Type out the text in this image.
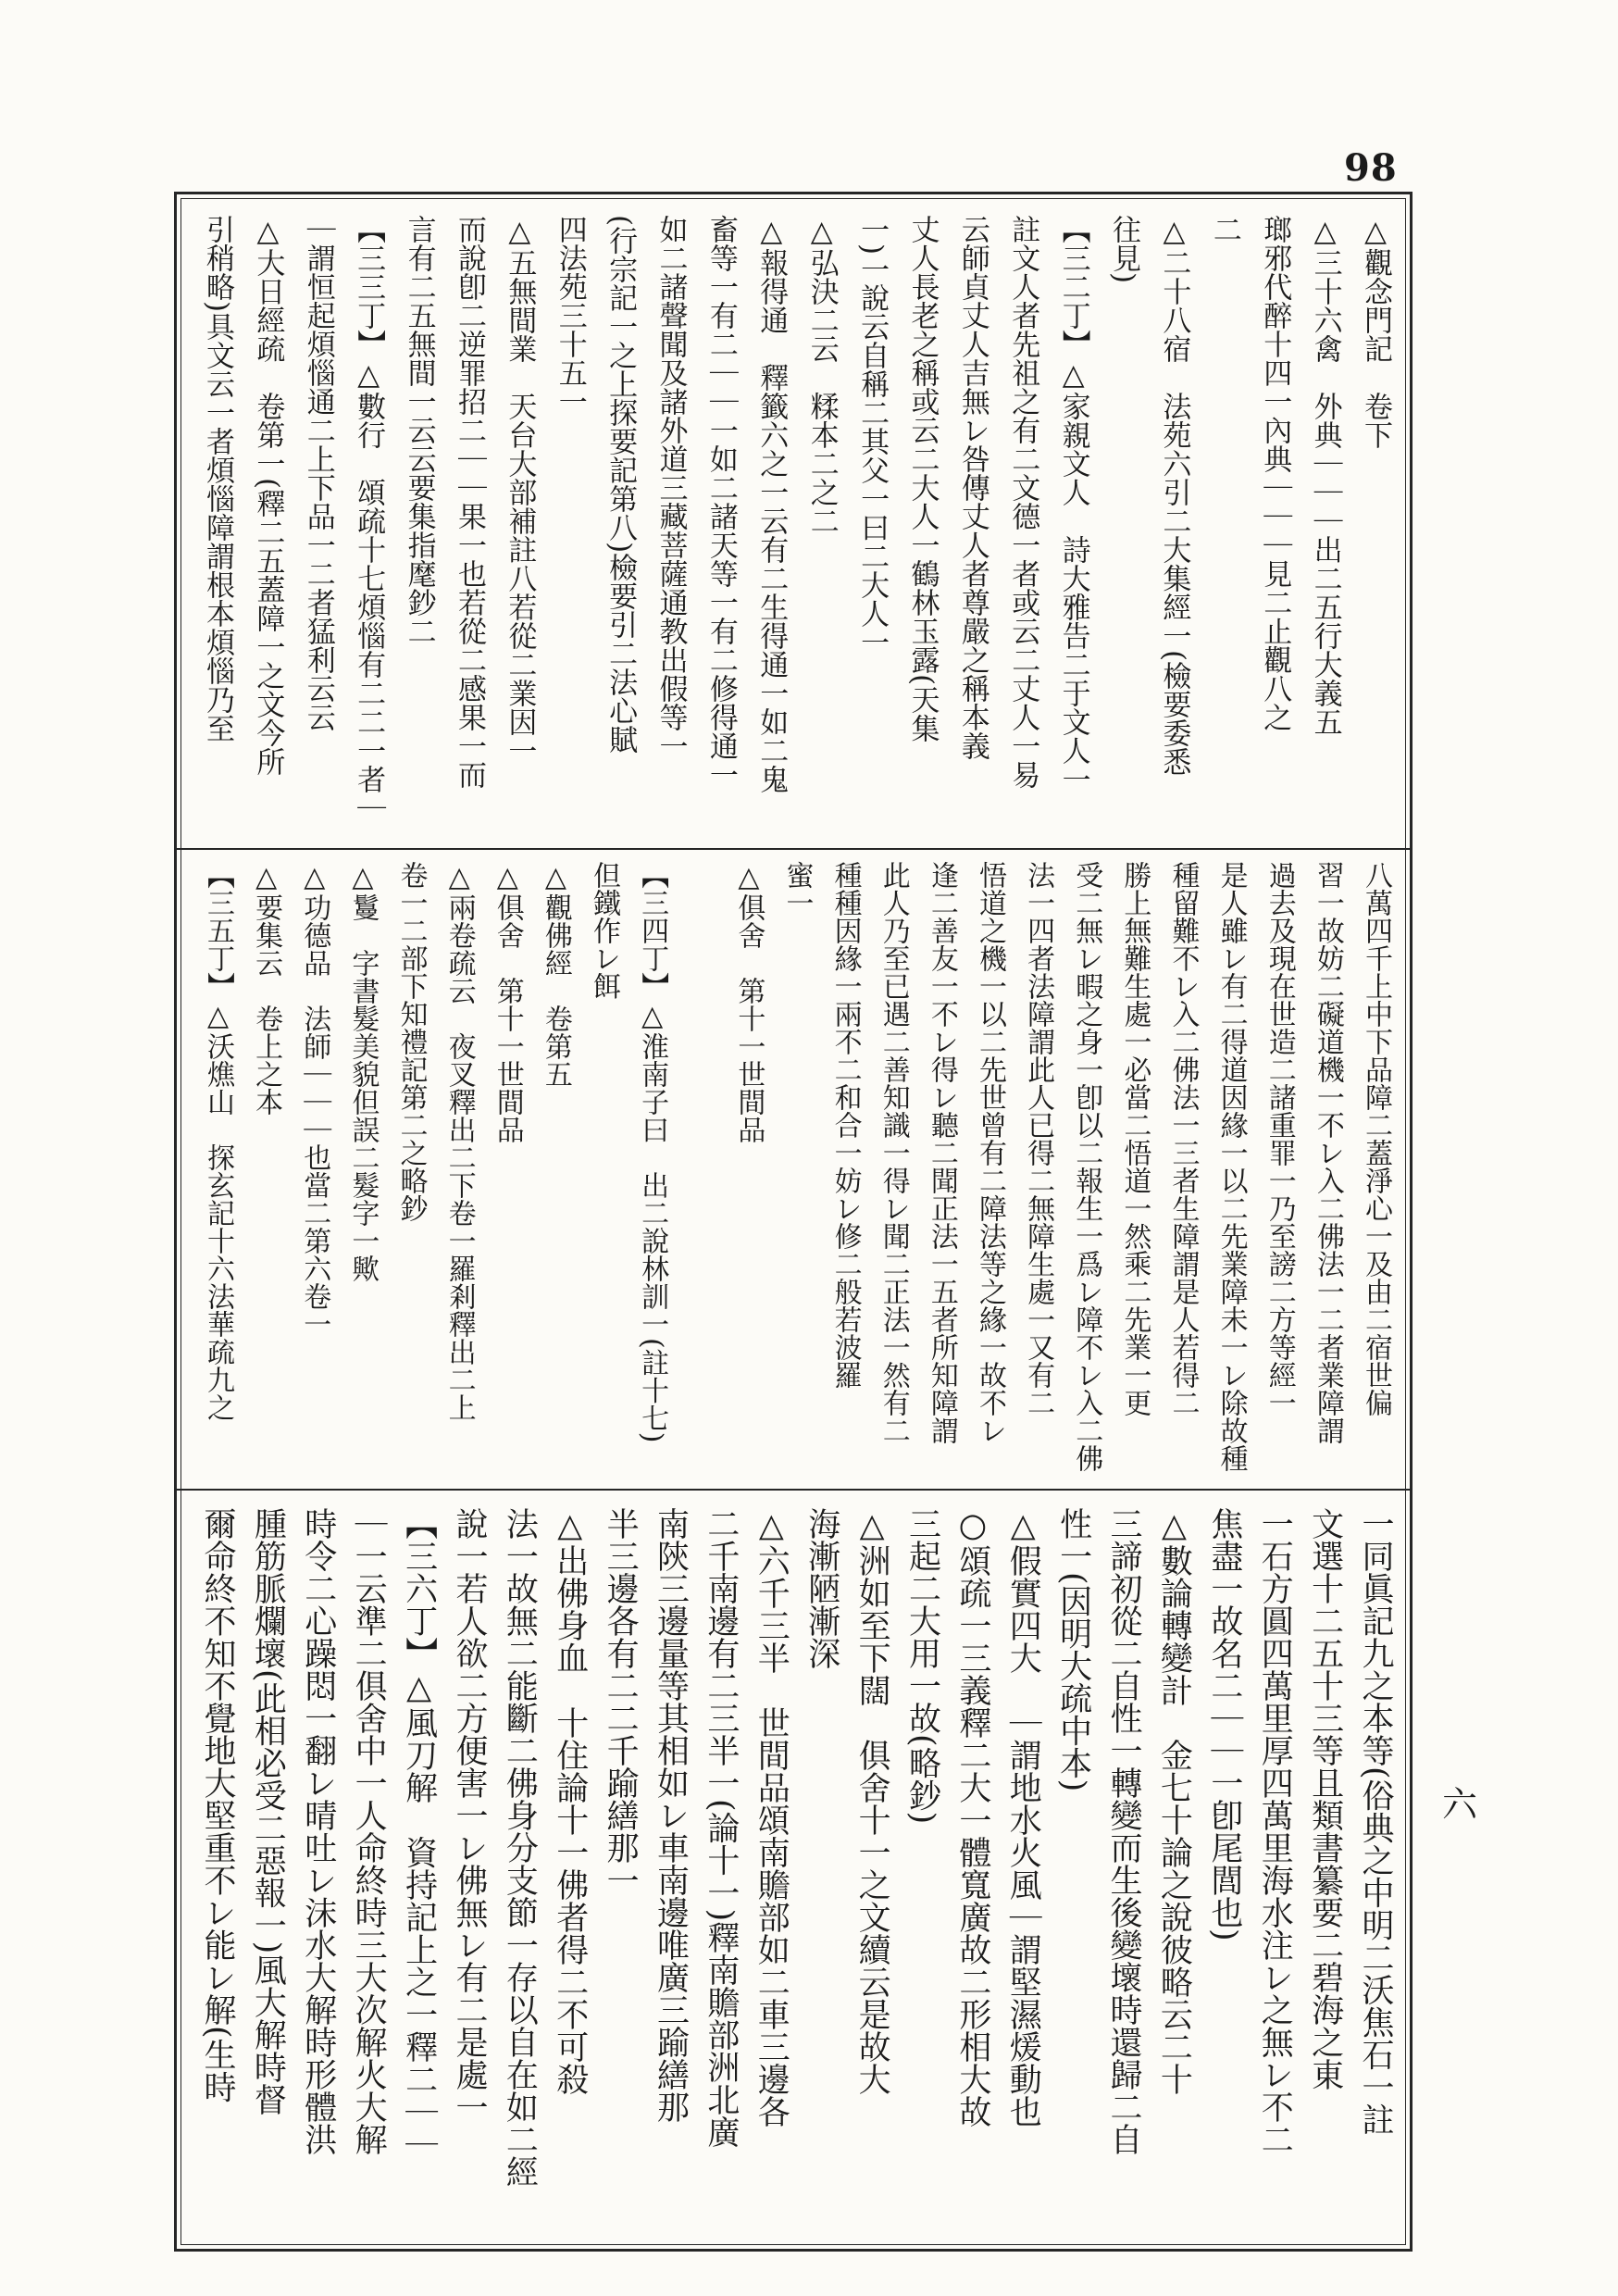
98
六
△觀念門記　卷下
△三十六禽　外典｜｜｜出二五行大義五
瑯邪代醉十四一內典｜｜｜見二止觀八之
二
△二十八宿　法苑六引二大集經一(檢要委悉
往見)
【三二丁】△家親文人　詩大雅告二于文人一
註文人者先祖之有二文德一者或云二丈人一易
云師貞丈人吉無レ咎傳丈人者尊嚴之稱本義
丈人長老之稱或云二大人一鶴林玉露(天集
一)一說云自稱二其父一曰二大人一
△弘決二云　糅本二之二
△報得通　釋籤六之一云有二生得通一如二鬼
畜等一有二｜｜一如二諸天等一有二修得通一
如二諸聲聞及諸外道三藏菩薩通教出假等一
(行宗記一之上探要記第八)檢要引二法心賦
四法苑三十五一
△五無間業　天台大部補註八若從二業因一
而說卽二逆罪招二｜｜果一也若從二感果一而
言有二五無間一云云要集指麾鈔二
【三三丁】△數行　頌疏十七煩惱有二二一者｜
｜謂恒起煩惱通二上下品一二者猛利云云
△大日經疏　卷第一(釋二五蓋障一之文今所
引稍略)具文云一者煩惱障謂根本煩惱乃至
八萬四千上中下品障二蓋淨心一及由二宿世偏
習一故妨二礙道機一不レ入二佛法一二者業障謂
過去及現在世造二諸重罪一乃至謗二方等經一
是人雖レ有二得道因緣一以二先業障未一レ除故種
種留難不レ入二佛法一三者生障謂是人若得二
勝上無難生處一必當二悟道一然乘二先業一更
受二無レ暇之身一卽以二報生一爲レ障不レ入二佛
法一四者法障謂此人已得二無障生處一又有二
悟道之機一以二先世曾有二障法等之緣一故不レ
逢二善友一不レ得レ聽二聞正法一五者所知障謂
此人乃至已遇二善知識一得レ聞二正法一然有二
種種因緣一兩不二和合一妨レ修二般若波羅
蜜一
△俱舍　第十一世間品
【三四丁】△淮南子曰　出二說林訓一(註十七)
但鐵作レ餌
△觀佛經　卷第五
△俱舍　第十一世間品
△兩卷疏云　夜叉釋出二下卷一羅剎釋出二上
卷一二部下知禮記第二之略鈔
△鬘　字書髮美貌但誤二髮字一歟
△功德品　法師｜｜｜也當二第六卷一
△要集云　卷上之本
【三五丁】△沃燋山　探玄記十六法華疏九之
一同眞記九之本等(俗典之中明二沃焦石一註
文選十二五十三等且類書纂要二碧海之東
一石方圓四萬里厚四萬里海水注レ之無レ不二
焦盡一故名二｜｜一卽尾閭也)
△數論轉變計　金七十論之說彼略云二十
三諦初從二自性一轉變而生後變壞時還歸二自
性一(因明大疏中本)
△假實四大　｜謂地水火風｜謂堅濕煖動也
○頌疏一三義釋二大一體寬廣故二形相大故
三起二大用一故(略鈔)
△洲如至下闊　俱舍十一之文續云是故大
海漸陋漸深
△六千三半　世間品頌南贍部如二車三邊各
二千南邊有二三半一(論十一)釋南贍部洲北廣
南陝三邊量等其相如レ車南邊唯廣三踰繕那
半三邊各有二二千踰繕那一
△出佛身血　十住論十一佛者得二不可殺
法一故無二能斷二佛身分支節一存以自在如二經
說一若人欲二方便害一レ佛無レ有二是處一
【三六丁】△風刀解　資持記上之一釋二｜｜
｜一云準二俱舍中一人命終時三大次解火大解
時令二心躁悶一翻レ晴吐レ沫水大解時形體洪
腫筋脈爛壞(此相必受二惡報一)風大解時督
爾命終不知不覺地大堅重不レ能レ解(生時
